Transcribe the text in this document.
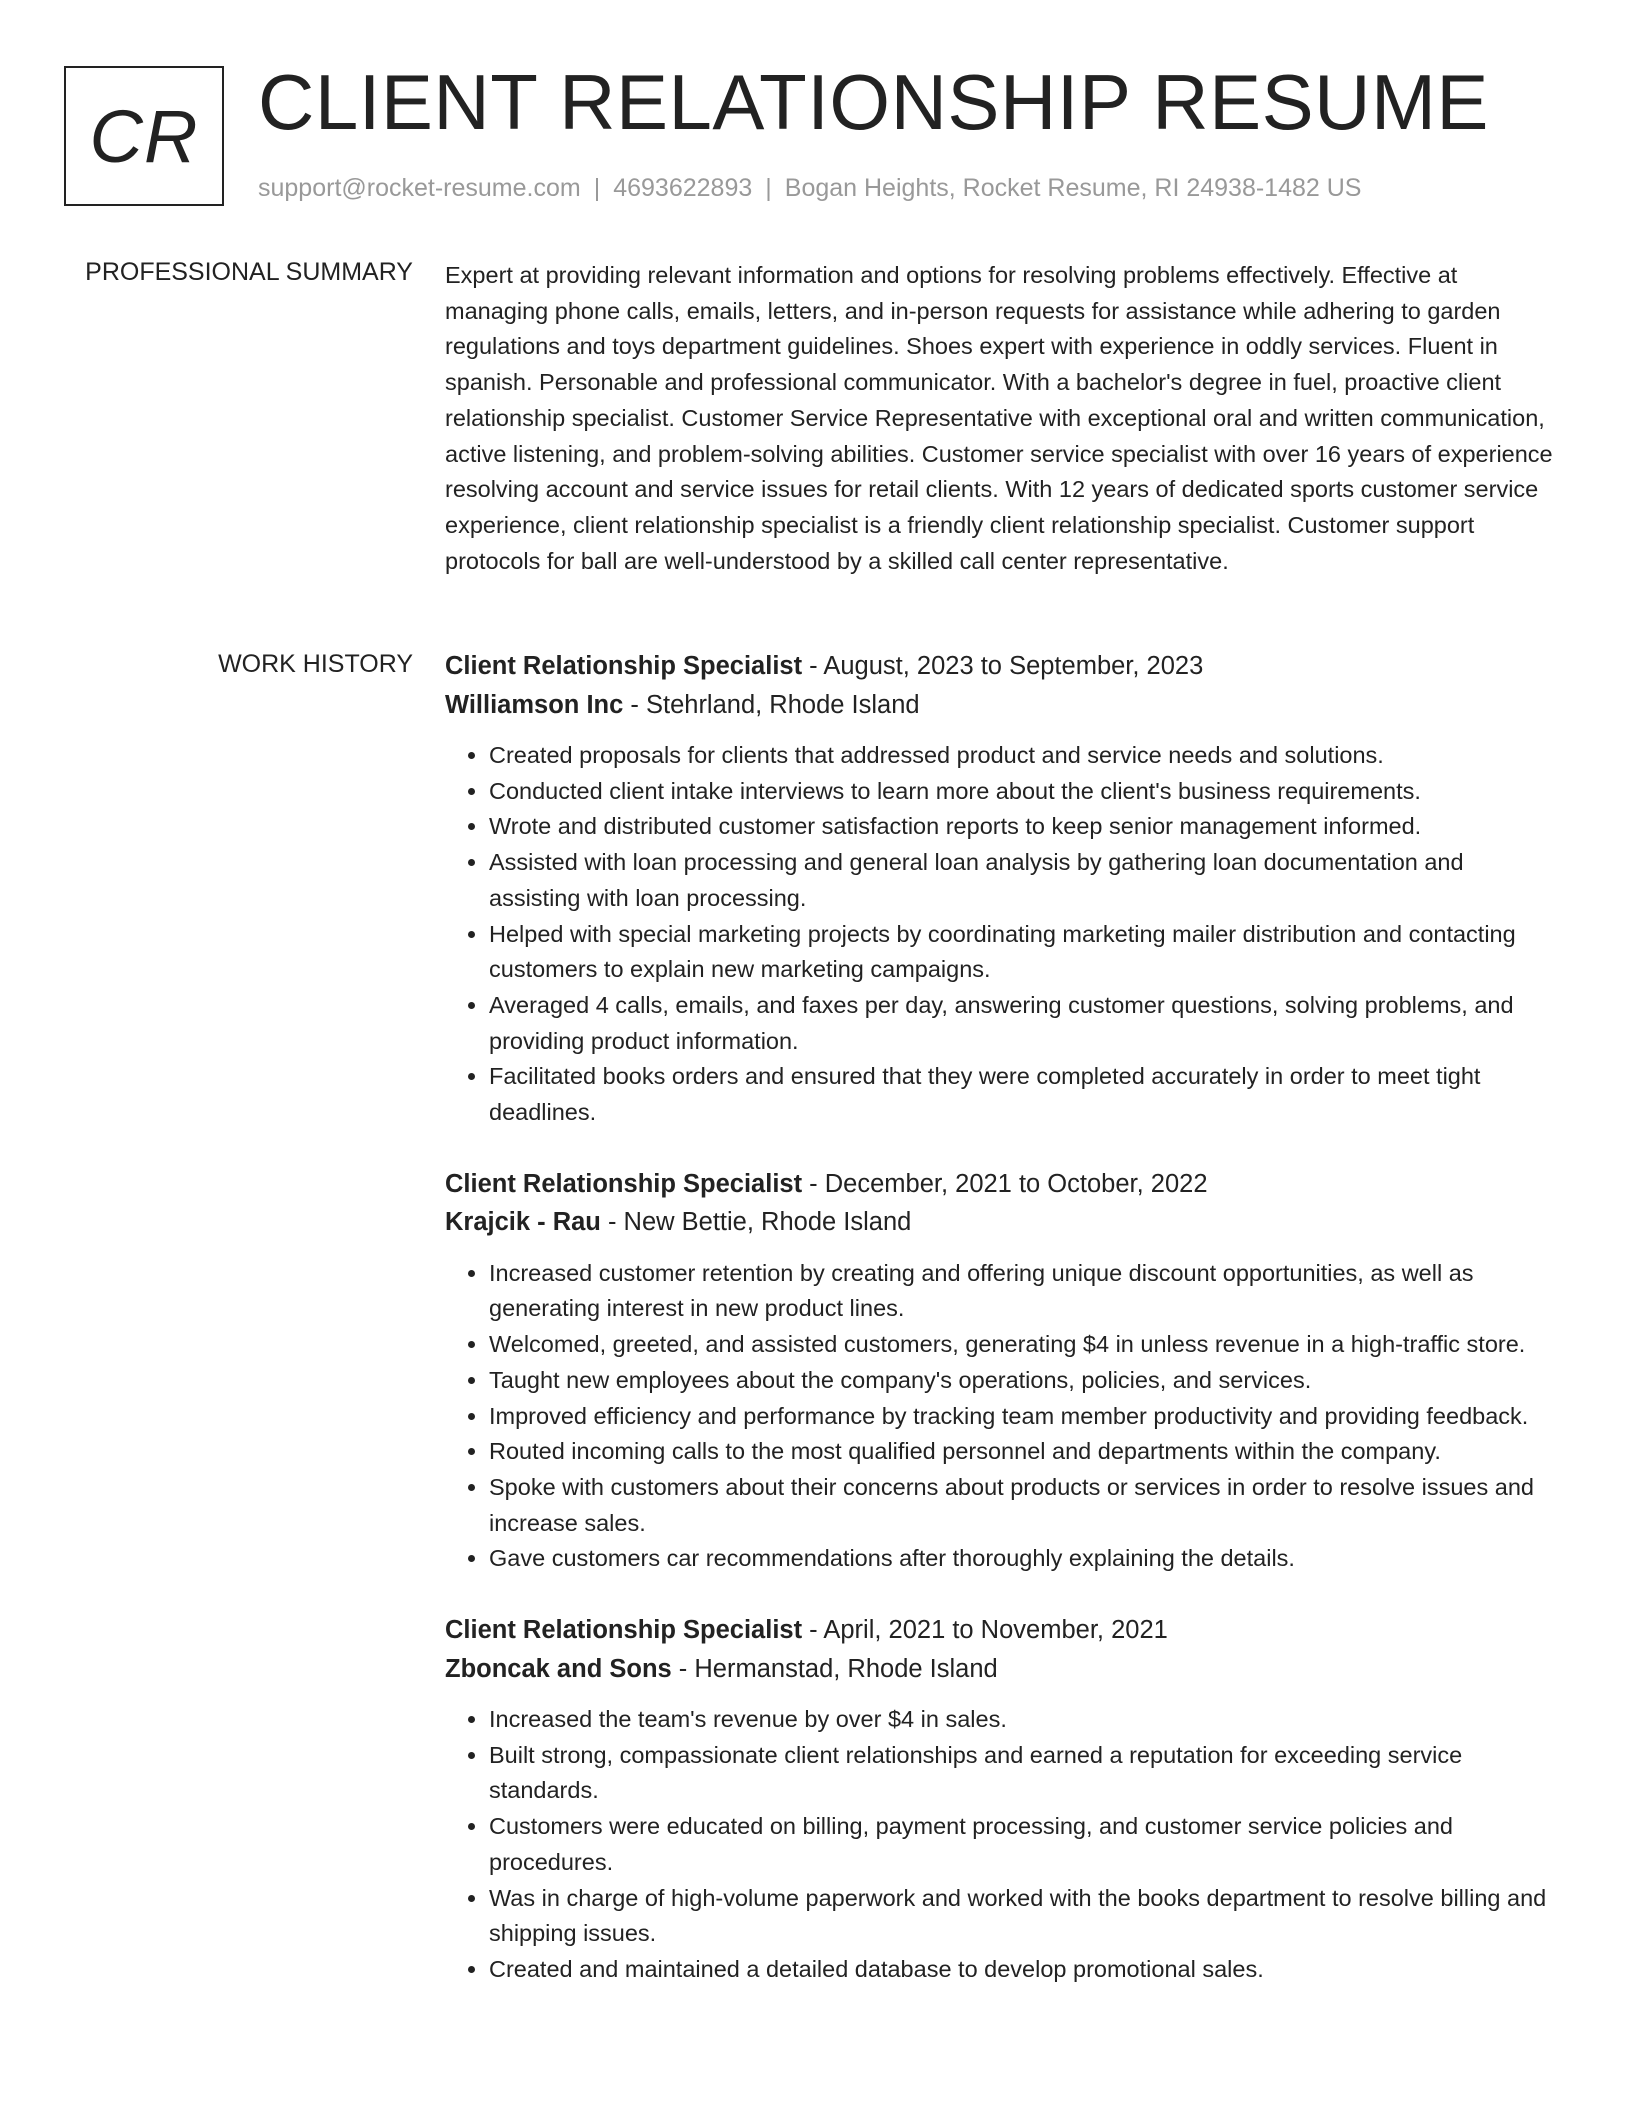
CR CLIENT RELATIONSHIP RESUME
support@rocket-resume.com | 4693622893 | Bogan Heights, Rocket Resume, RI 24938-1482 US
PROFESSIONAL SUMMARY Expert at providing relevant information and options for resolving problems effectively. Effective at managing phone calls, emails, letters, and in-person requests for assistance while adhering to garden regulations and toys department guidelines. Shoes expert with experience in oddly services. Fluent in spanish. Personable and professional communicator. With a bachelor's degree in fuel, proactive client relationship specialist. Customer Service Representative with exceptional oral and written communication, active listening, and problem-solving abilities. Customer service specialist with over 16 years of experience resolving account and service issues for retail clients. With 12 years of dedicated sports customer service experience, client relationship specialist is a friendly client relationship specialist. Customer support protocols for ball are well-understood by a skilled call center representative.

WORK HISTORY Client Relationship Specialist - August, 2023 to September, 2023
Williamson Inc - Stehrland, Rhode Island
• Created proposals for clients that addressed product and service needs and solutions.
• Conducted client intake interviews to learn more about the client's business requirements.
• Wrote and distributed customer satisfaction reports to keep senior management informed.
• Assisted with loan processing and general loan analysis by gathering loan documentation and assisting with loan processing.
• Helped with special marketing projects by coordinating marketing mailer distribution and contacting customers to explain new marketing campaigns.
• Averaged 4 calls, emails, and faxes per day, answering customer questions, solving problems, and providing product information.
• Facilitated books orders and ensured that they were completed accurately in order to meet tight deadlines.
Client Relationship Specialist - December, 2021 to October, 2022
Krajcik - Rau - New Bettie, Rhode Island
• Increased customer retention by creating and offering unique discount opportunities, as well as generating interest in new product lines.
• Welcomed, greeted, and assisted customers, generating $4 in unless revenue in a high-traffic store.
• Taught new employees about the company's operations, policies, and services.
• Improved efficiency and performance by tracking team member productivity and providing feedback.
• Routed incoming calls to the most qualified personnel and departments within the company.
• Spoke with customers about their concerns about products or services in order to resolve issues and increase sales.
• Gave customers car recommendations after thoroughly explaining the details.
Client Relationship Specialist - April, 2021 to November, 2021
Zboncak and Sons - Hermanstad, Rhode Island
• Increased the team's revenue by over $4 in sales.
• Built strong, compassionate client relationships and earned a reputation for exceeding service standards.
• Customers were educated on billing, payment processing, and customer service policies and procedures.
• Was in charge of high-volume paperwork and worked with the books department to resolve billing and shipping issues.
• Created and maintained a detailed database to develop promotional sales.
